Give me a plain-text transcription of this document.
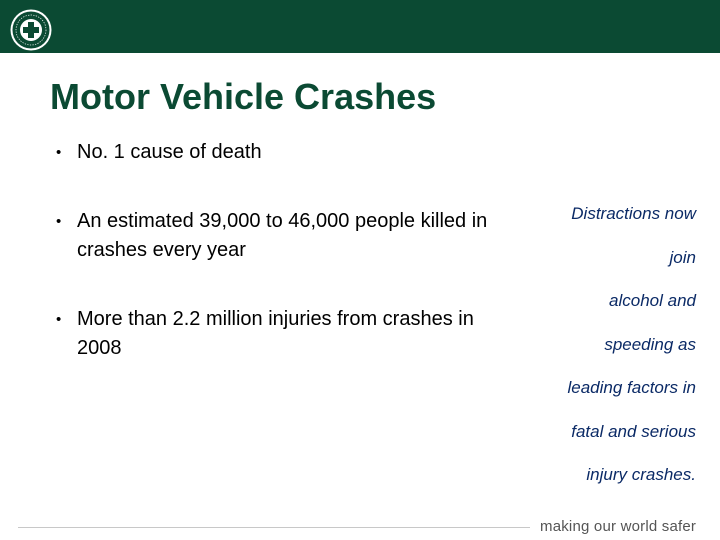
Motor Vehicle Crashes
• No. 1 cause of death
• An estimated 39,000 to 46,000 people killed in crashes every year
• More than 2.2 million injuries from crashes in 2008
Distractions now
join
alcohol and
speeding as
leading factors in
fatal and serious
injury crashes.
making our world safer
